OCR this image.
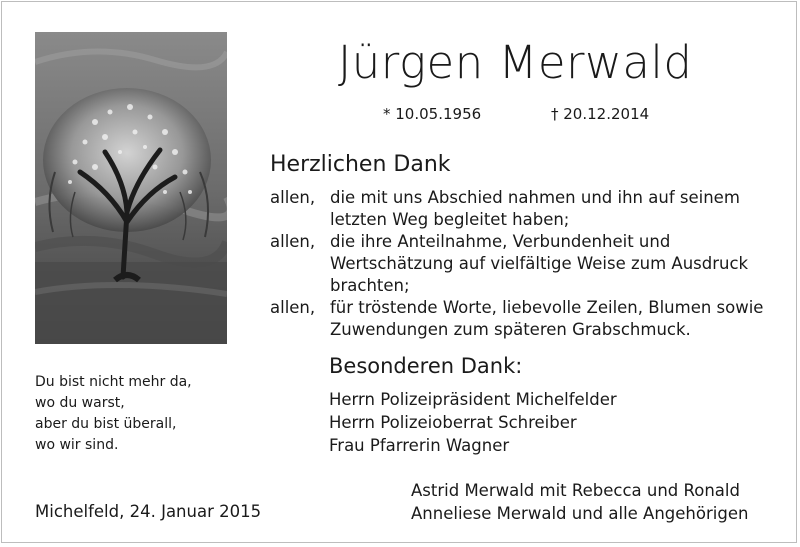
Jürgen Merwald
* 10.05.1956	† 20.12.2014
Herzlichen Dank
allen, die mit uns Abschied nahmen und ihn auf seinem
letzten Weg begleitet haben;
allen, die ihre Anteilnahme, Verbundenheit und
Wertschätzung auf vielfältige Weise zum Ausdruck
brachten;
allen, für tröstende Worte, liebevolle Zeilen, Blumen sowie
Zuwendungen zum späteren Grabschmuck.
Besonderen Dank:
Herrn Polizeipräsident Michelfelder
Herrn Polizeioberrat Schreiber
Frau Pfarrerin Wagner
Du bist nicht mehr da,
wo du warst,
aber du bist überall,
wo wir sind.
Michelfeld, 24. Januar 2015
Astrid Merwald mit Rebecca und Ronald
Anneliese Merwald und alle Angehörigen
